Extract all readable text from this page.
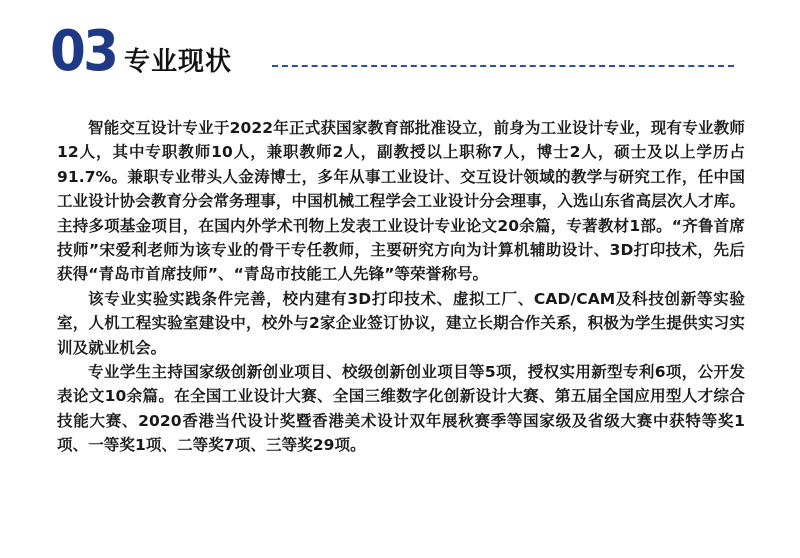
03 专业现状

智能交互设计专业于2022年正式获国家教育部批准设立，前身为工业设计专业，现有专业教师12人，其中专职教师10人，兼职教师2人，副教授以上职称7人，博士2人，硕士及以上学历占91.7%。兼职专业带头人金涛博士，多年从事工业设计、交互设计领域的教学与研究工作，任中国工业设计协会教育分会常务理事，中国机械工程学会工业设计分会理事，入选山东省高层次人才库。主持多项基金项目，在国内外学术刊物上发表工业设计专业论文20余篇，专著教材1部。“齐鲁首席技师”宋爱利老师为该专业的骨干专任教师，主要研究方向为计算机辅助设计、3D打印技术，先后获得“青岛市首席技师”、“青岛市技能工人先锋”等荣誉称号。

该专业实验实践条件完善，校内建有3D打印技术、虚拟工厂、CAD/CAM及科技创新等实验室，人机工程实验室建设中，校外与2家企业签订协议，建立长期合作关系，积极为学生提供实习实训及就业机会。

专业学生主持国家级创新创业项目、校级创新创业项目等5项，授权实用新型专利6项，公开发表论文10余篇。在全国工业设计大赛、全国三维数字化创新设计大赛、第五届全国应用型人才综合技能大赛、2020香港当代设计奖暨香港美术设计双年展秋赛季等国家级及省级大赛中获特等奖1项、一等奖1项、二等奖7项、三等奖29项。
